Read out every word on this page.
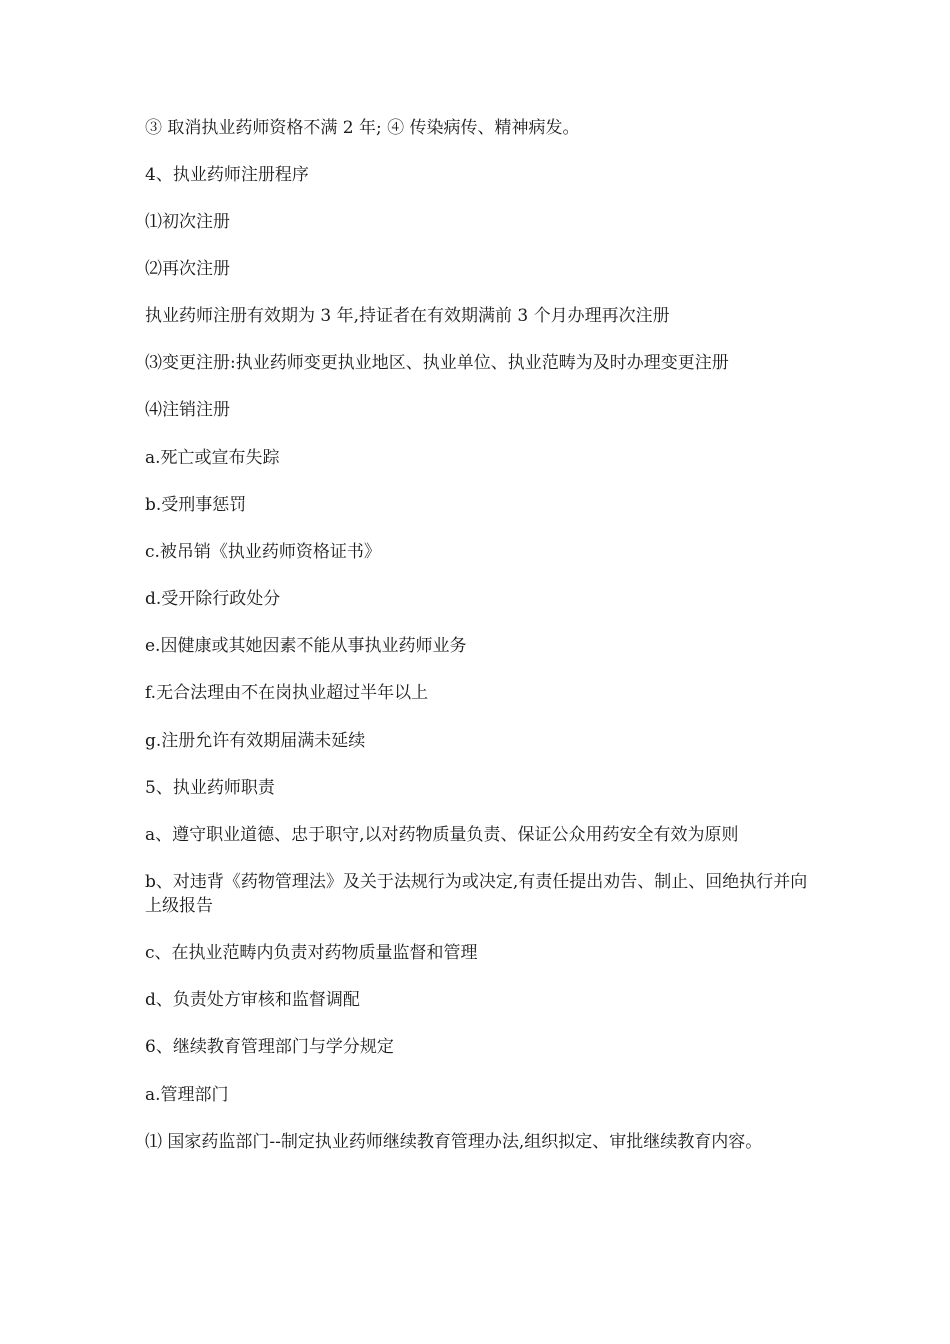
③ 取消执业药师资格不满 2 年; ④ 传染病传、精神病发。
4、执业药师注册程序
⑴初次注册
⑵再次注册
执业药师注册有效期为 3 年,持证者在有效期满前 3 个月办理再次注册
⑶变更注册:执业药师变更执业地区、执业单位、执业范畴为及时办理变更注册
⑷注销注册
a.死亡或宣布失踪
b.受刑事惩罚
c.被吊销《执业药师资格证书》
d.受开除行政处分
e.因健康或其她因素不能从事执业药师业务
f.无合法理由不在岗执业超过半年以上
g.注册允许有效期届满未延续
5、执业药师职责
a、遵守职业道德、忠于职守,以对药物质量负责、保证公众用药安全有效为原则
b、对违背《药物管理法》及关于法规行为或决定,有责任提出劝告、制止、回绝执行并向上级报告
c、在执业范畴内负责对药物质量监督和管理
d、负责处方审核和监督调配
6、继续教育管理部门与学分规定
a.管理部门
⑴ 国家药监部门--制定执业药师继续教育管理办法,组织拟定、审批继续教育内容。
